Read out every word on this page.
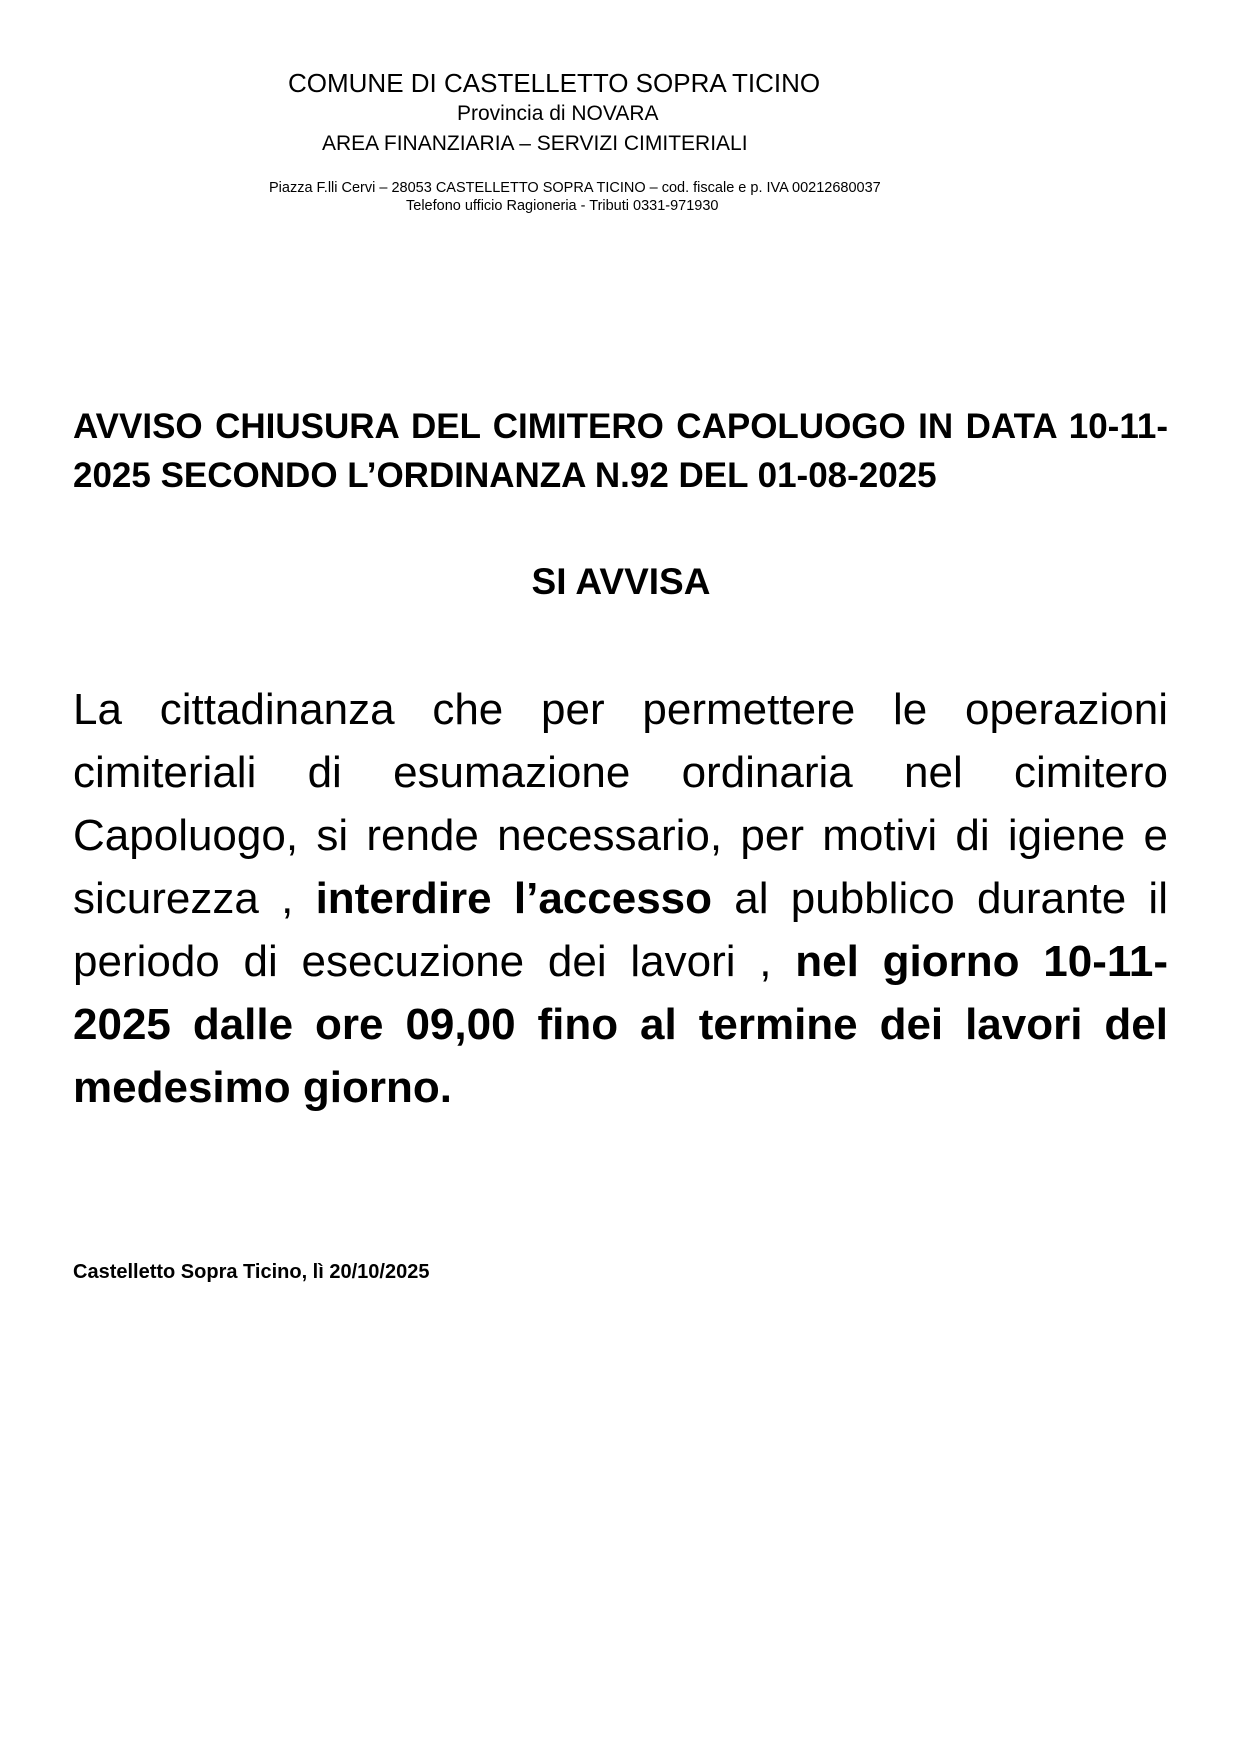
COMUNE DI CASTELLETTO SOPRA TICINO
Provincia di NOVARA
AREA FINANZIARIA – SERVIZI CIMITERIALI
Piazza F.lli Cervi – 28053 CASTELLETTO SOPRA TICINO – cod. fiscale e p. IVA 00212680037
Telefono ufficio Ragioneria - Tributi 0331-971930

AVVISO CHIUSURA DEL CIMITERO CAPOLUOGO IN DATA 10-11-2025 SECONDO L’ORDINANZA N.92 DEL 01-08-2025

SI AVVISA

La cittadinanza che per permettere le operazioni cimiteriali di esumazione ordinaria nel cimitero Capoluogo, si rende necessario, per motivi di igiene e sicurezza , interdire l’accesso al pubblico durante il periodo di esecuzione dei lavori , nel giorno 10-11-2025 dalle ore 09,00 fino al termine dei lavori del medesimo giorno.

Castelletto Sopra Ticino, lì 20/10/2025
